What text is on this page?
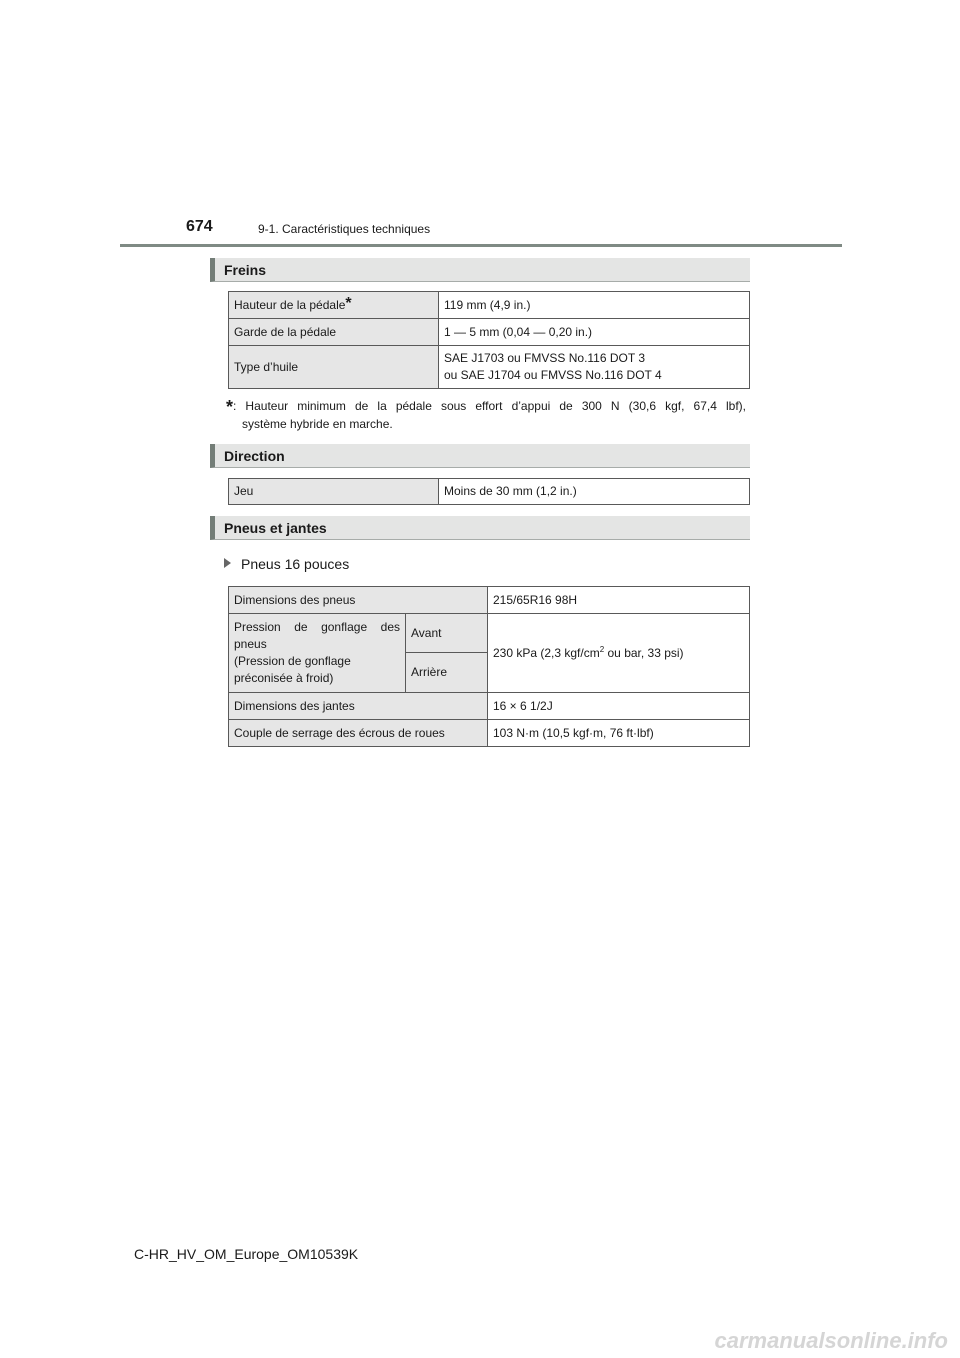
674	9-1. Caractéristiques techniques
Freins
Hauteur de la pédale*	119 mm (4,9 in.)
Garde de la pédale	1 — 5 mm (0,04 — 0,20 in.)
Type d’huile	SAE J1703 ou FMVSS No.116 DOT 3
ou SAE J1704 ou FMVSS No.116 DOT 4
*: Hauteur minimum de la pédale sous effort d’appui de 300 N (30,6 kgf, 67,4 lbf),
système hybride en marche.
Direction
Jeu	Moins de 30 mm (1,2 in.)
Pneus et jantes
Pneus 16 pouces
Dimensions des pneus		215/65R16 98H

Pression de gonflage des
pneus
(Pression de gonflage
préconisée à froid)	Avant	230 kPa (2,3 kgf/$cm^2$ ou bar, 33 psi)
	Arrière	
Dimensions des jantes		16 × 6 1/2J
Couple de serrage des écrous de roues		103 N·m (10,5 kgf·m, 76 ft·lbf)
C-HR_HV_OM_Europe_OM10539K
carmanualsonline.info
